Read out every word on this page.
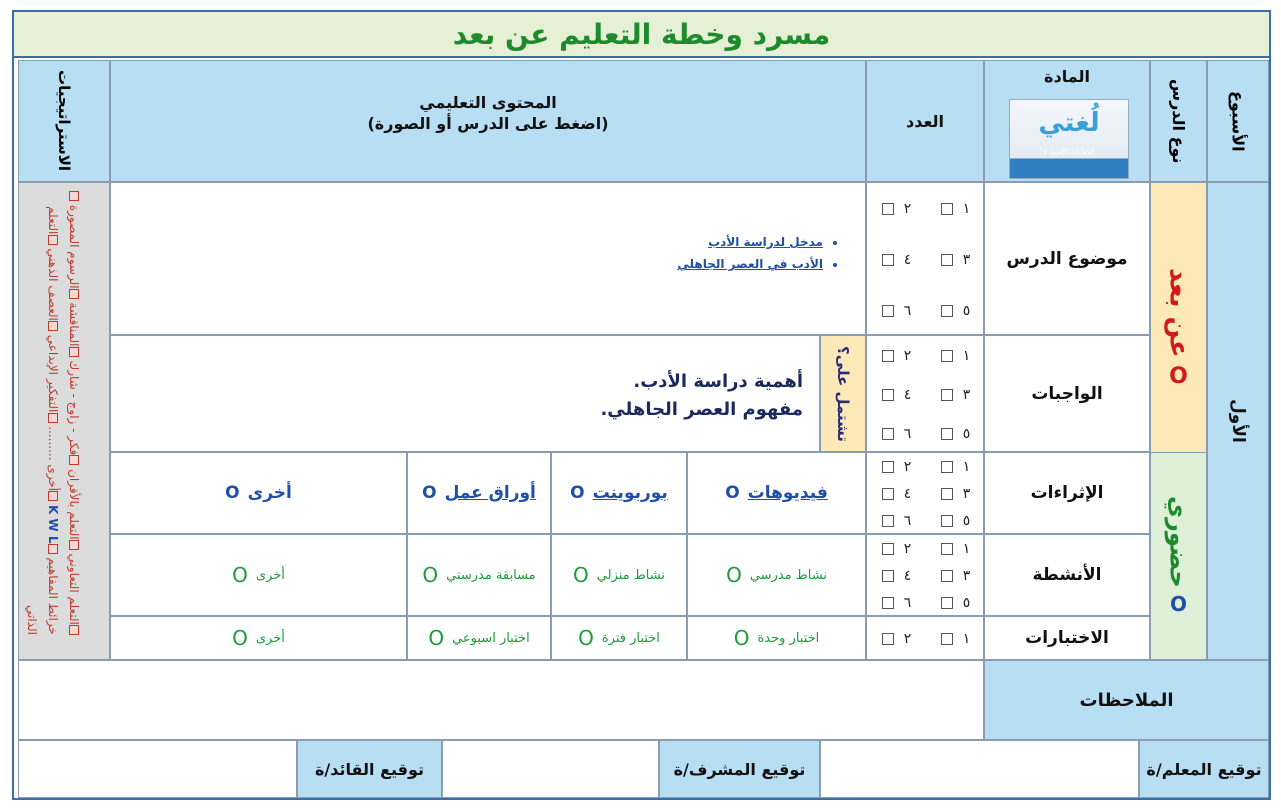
مسرد وخطة التعليم عن بعد
الأسبوع
نوع الدرس
المادة
لُغتي
الكفايات اللغوية ٥
العدد
المحتوى التعليمي
(اضغط على الدرس أو الصورة)
الاستراتيجيات
الأول
عن بعد
O
حضوري
O
موضوع الدرس
الواجبات
الإثراءات
الأنشطة
الاختبارات
١
٢
٣
٤
٥
٦
١
٢
٣
٤
٥
٦
١
٢
٣
٤
٥
٦
١
٢
٣
٤
٥
٦
١
٢
• مدخل لدراسة الأدب
• الأدب في العصر الجاهلي
أهمية دراسة الأدب.
مفهوم العصر الجاهلي.	تشتمل على؟
فيديوهات
O
بوربوينت
O
أوراق عمل
O
أخرى
O
نشاط مدرسي
O
نشاط منزلي
O
مسابقة مدرستي
O
أخرى
O
اختبار وحدة
O
اختبار فترة
O
اختبار اسبوعي
O
أخرى
O
التعلم التعاوني التعلم بالأقران فكر - زاوج - شارك المناقشة الرسوم المصورة خرائط المفاهيم K W L أخرى ......... التفكير الإبداعي العصف الذهني التعلم الذاتي
الملاحظات
توقيع المعلم/ة
توقيع المشرف/ة
توقيع القائد/ة
